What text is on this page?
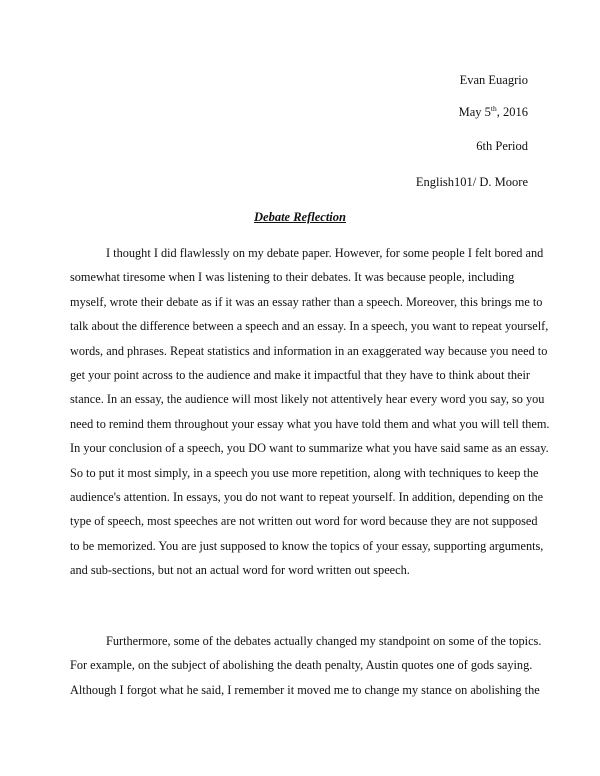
Evan Euagrio
May 5th, 2016
6th Period
English101/ D. Moore
Debate Reflection

I thought I did flawlessly on my debate paper. However, for some people I felt bored and
somewhat tiresome when I was listening to their debates. It was because people, including
myself, wrote their debate as if it was an essay rather than a speech. Moreover, this brings me to
talk about the difference between a speech and an essay. In a speech, you want to repeat yourself,
words, and phrases. Repeat statistics and information in an exaggerated way because you need to
get your point across to the audience and make it impactful that they have to think about their
stance. In an essay, the audience will most likely not attentively hear every word you say, so you
need to remind them throughout your essay what you have told them and what you will tell them.
In your conclusion of a speech, you DO want to summarize what you have said same as an essay.
So to put it most simply, in a speech you use more repetition, along with techniques to keep the
audience's attention. In essays, you do not want to repeat yourself. In addition, depending on the
type of speech, most speeches are not written out word for word because they are not supposed
to be memorized. You are just supposed to know the topics of your essay, supporting arguments,
and sub-sections, but not an actual word for word written out speech.

Furthermore, some of the debates actually changed my standpoint on some of the topics.
For example, on the subject of abolishing the death penalty, Austin quotes one of gods saying.
Although I forgot what he said, I remember it moved me to change my stance on abolishing the
